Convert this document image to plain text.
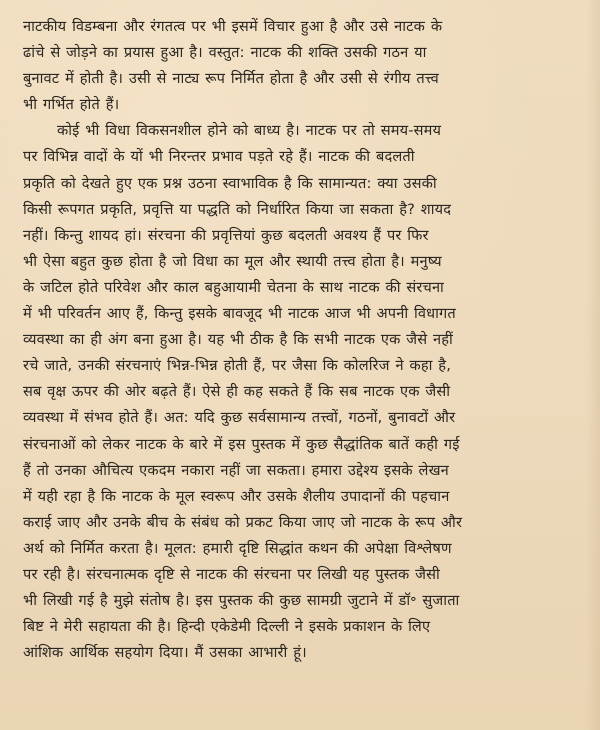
नाटकीय विडम्बना और रंगतत्व पर भी इसमें विचार हुआ है और उसे नाटक के
ढांचे से जोड़ने का प्रयास हुआ है। वस्तुत: नाटक की शक्ति उसकी गठन या
बुनावट में होती है। उसी से नाट्य रूप निर्मित होता है और उसी से रंगीय तत्त्व
भी गर्भित होते हैं।
कोई भी विधा विकसनशील होने को बाध्य है। नाटक पर तो समय-समय
पर विभिन्न वादों के यों भी निरन्तर प्रभाव पड़ते रहे हैं। नाटक की बदलती
प्रकृति को देखते हुए एक प्रश्न उठना स्वाभाविक है कि सामान्यत: क्या उसकी
किसी रूपगत प्रकृति, प्रवृत्ति या पद्धति को निर्धारित किया जा सकता है? शायद
नहीं। किन्तु शायद हां। संरचना की प्रवृत्तियां कुछ बदलती अवश्य हैं पर फिर
भी ऐसा बहुत कुछ होता है जो विधा का मूल और स्थायी तत्त्व होता है। मनुष्य
के जटिल होते परिवेश और काल बहुआयामी चेतना के साथ नाटक की संरचना
में भी परिवर्तन आए हैं, किन्तु इसके बावजूद भी नाटक आज भी अपनी विधागत
व्यवस्था का ही अंग बना हुआ है। यह भी ठीक है कि सभी नाटक एक जैसे नहीं
रचे जाते, उनकी संरचनाएं भिन्न-भिन्न होती हैं, पर जैसा कि कोलरिज ने कहा है,
सब वृक्ष ऊपर की ओर बढ़ते हैं। ऐसे ही कह सकते हैं कि सब नाटक एक जैसी
व्यवस्था में संभव होते हैं। अत: यदि कुछ सर्वसामान्य तत्त्वों, गठनों, बुनावटों और
संरचनाओं को लेकर नाटक के बारे में इस पुस्तक में कुछ सैद्धांतिक बातें कही गई
हैं तो उनका औचित्य एकदम नकारा नहीं जा सकता। हमारा उद्देश्य इसके लेखन
में यही रहा है कि नाटक के मूल स्वरूप और उसके शैलीय उपादानों की पहचान
कराई जाए और उनके बीच के संबंध को प्रकट किया जाए जो नाटक के रूप और
अर्थ को निर्मित करता है। मूलत: हमारी दृष्टि सिद्धांत कथन की अपेक्षा विश्लेषण
पर रही है। संरचनात्मक दृष्टि से नाटक की संरचना पर लिखी यह पुस्तक जैसी
भी लिखी गई है मुझे संतोष है। इस पुस्तक की कुछ सामग्री जुटाने में डॉ॰ सुजाता
बिष्ट ने मेरी सहायता की है। हिन्दी एकेडेमी दिल्ली ने इसके प्रकाशन के लिए
आंशिक आर्थिक सहयोग दिया। मैं उसका आभारी हूं।
